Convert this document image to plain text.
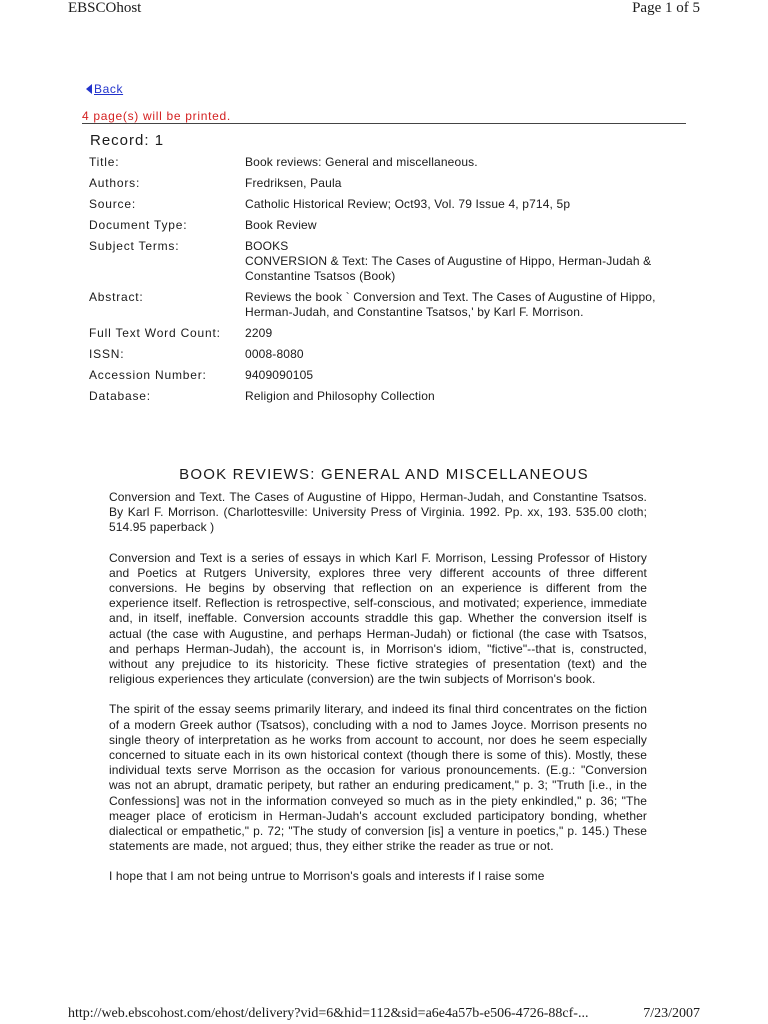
EBSCOhost	Page 1 of 5
Back
4 page(s) will be printed.
Record: 1
Title:	Book reviews: General and miscellaneous.
Authors:	Fredriksen, Paula
Source:	Catholic Historical Review; Oct93, Vol. 79 Issue 4, p714, 5p
Document Type:	Book Review
Subject Terms:	BOOKS
CONVERSION & Text: The Cases of Augustine of Hippo, Herman-Judah & Constantine Tsatsos (Book)
Abstract:	Reviews the book ` Conversion and Text. The Cases of Augustine of Hippo, Herman-Judah, and Constantine Tsatsos,' by Karl F. Morrison.
Full Text Word Count:	2209
ISSN:	0008-8080
Accession Number:	9409090105
Database:	Religion and Philosophy Collection
BOOK REVIEWS: GENERAL AND MISCELLANEOUS

Conversion and Text. The Cases of Augustine of Hippo, Herman-Judah, and Constantine Tsatsos. By Karl F. Morrison. (Charlottesville: University Press of Virginia. 1992. Pp. xx, 193. 535.00 cloth; 514.95 paperback )

Conversion and Text is a series of essays in which Karl F. Morrison, Lessing Professor of History and Poetics at Rutgers University, explores three very different accounts of three different conversions. He begins by observing that reflection on an experience is different from the experience itself. Reflection is retrospective, self-conscious, and motivated; experience, immediate and, in itself, ineffable. Conversion accounts straddle this gap. Whether the conversion itself is actual (the case with Augustine, and perhaps Herman-Judah) or fictional (the case with Tsatsos, and perhaps Herman-Judah), the account is, in Morrison's idiom, "fictive"--that is, constructed, without any prejudice to its historicity. These fictive strategies of presentation (text) and the religious experiences they articulate (conversion) are the twin subjects of Morrison's book.

The spirit of the essay seems primarily literary, and indeed its final third concentrates on the fiction of a modern Greek author (Tsatsos), concluding with a nod to James Joyce. Morrison presents no single theory of interpretation as he works from account to account, nor does he seem especially concerned to situate each in its own historical context (though there is some of this). Mostly, these individual texts serve Morrison as the occasion for various pronouncements. (E.g.: "Conversion was not an abrupt, dramatic peripety, but rather an enduring predicament," p. 3; "Truth [i.e., in the Confessions] was not in the information conveyed so much as in the piety enkindled," p. 36; "The meager place of eroticism in Herman-Judah's account excluded participatory bonding, whether dialectical or empathetic," p. 72; "The study of conversion [is] a venture in poetics," p. 145.) These statements are made, not argued; thus, they either strike the reader as true or not.

I hope that I am not being untrue to Morrison's goals and interests if I raise some

http://web.ebscohost.com/ehost/delivery?vid=6&hid=112&sid=a6e4a57b-e506-4726-88cf-...	7/23/2007
